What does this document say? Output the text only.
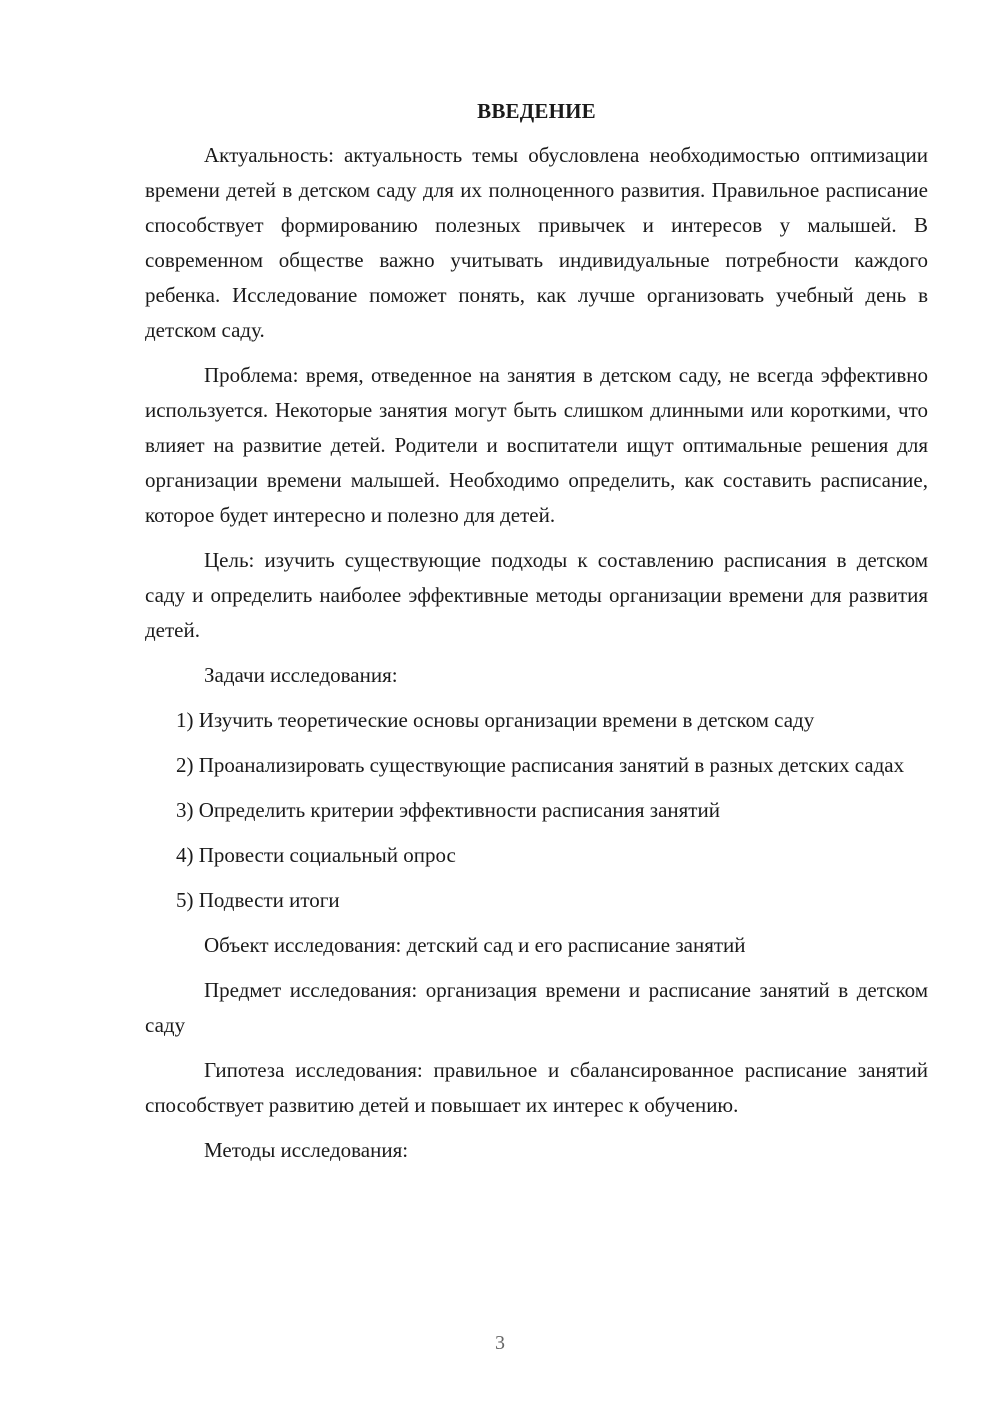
ВВЕДЕНИЕ

Актуальность: актуальность темы обусловлена необходимостью оптимизации времени детей в детском саду для их полноценного развития. Правильное расписание способствует формированию полезных привычек и интересов у малышей. В современном обществе важно учитывать индивидуальные потребности каждого ребенка. Исследование поможет понять, как лучше организовать учебный день в детском саду.

Проблема: время, отведенное на занятия в детском саду, не всегда эффективно используется. Некоторые занятия могут быть слишком длинными или короткими, что влияет на развитие детей. Родители и воспитатели ищут оптимальные решения для организации времени малышей. Необходимо определить, как составить расписание, которое будет интересно и полезно для детей.

Цель: изучить существующие подходы к составлению расписания в детском саду и определить наиболее эффективные методы организации времени для развития детей.

Задачи исследования:

1) Изучить теоретические основы организации времени в детском саду

2) Проанализировать существующие расписания занятий в разных детских садах

3) Определить критерии эффективности расписания занятий

4) Провести социальный опрос

5) Подвести итоги

Объект исследования: детский сад и его расписание занятий

Предмет исследования: организация времени и расписание занятий в детском саду

Гипотеза исследования: правильное и сбалансированное расписание занятий способствует развитию детей и повышает их интерес к обучению.

Методы исследования:

3
